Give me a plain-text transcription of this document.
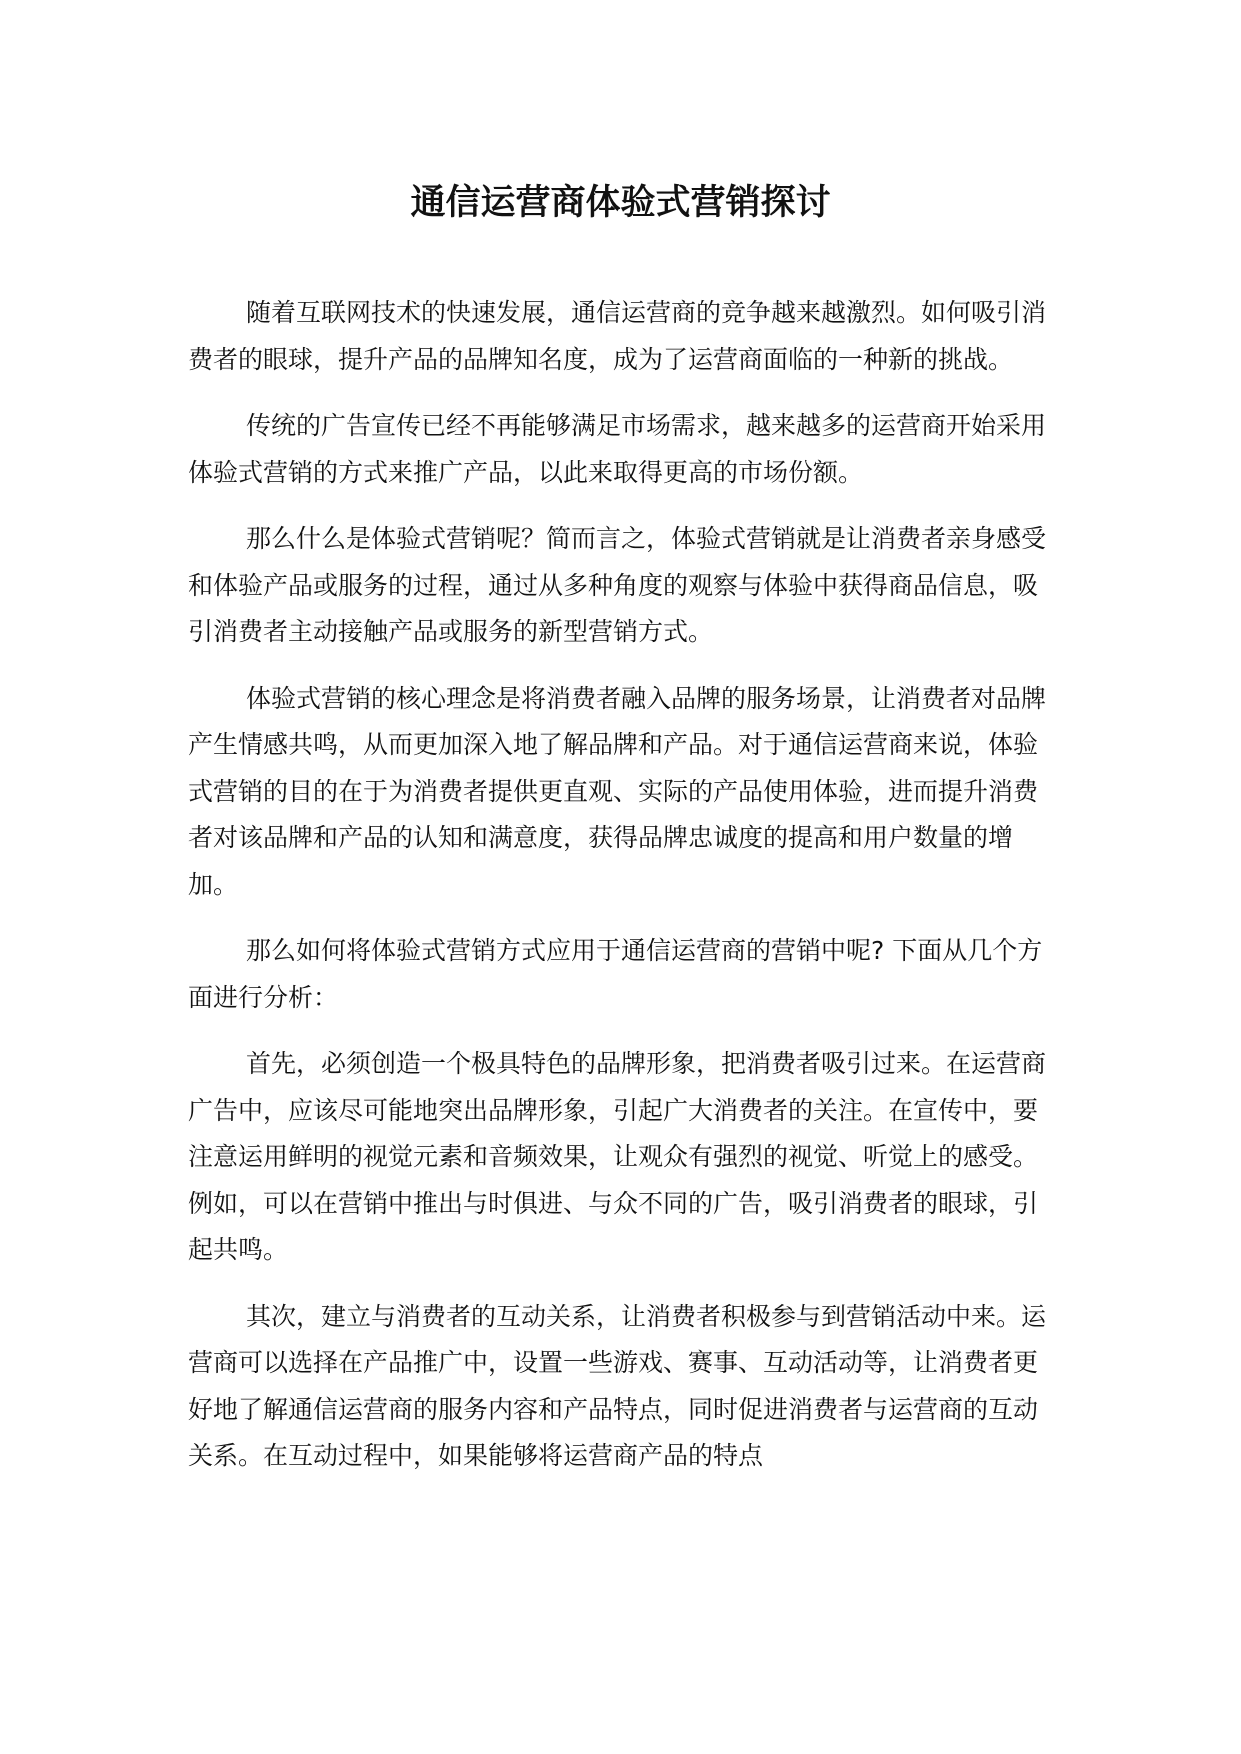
通信运营商体验式营销探讨

随着互联网技术的快速发展，通信运营商的竞争越来越激烈。如何吸引消费者的眼球，提升产品的品牌知名度，成为了运营商面临的一种新的挑战。

传统的广告宣传已经不再能够满足市场需求，越来越多的运营商开始采用体验式营销的方式来推广产品，以此来取得更高的市场份额。

那么什么是体验式营销呢？简而言之，体验式营销就是让消费者亲身感受和体验产品或服务的过程，通过从多种角度的观察与体验中获得商品信息，吸引消费者主动接触产品或服务的新型营销方式。

体验式营销的核心理念是将消费者融入品牌的服务场景，让消费者对品牌产生情感共鸣，从而更加深入地了解品牌和产品。对于通信运营商来说，体验式营销的目的在于为消费者提供更直观、实际的产品使用体验，进而提升消费者对该品牌和产品的认知和满意度，获得品牌忠诚度的提高和用户数量的增加。

那么如何将体验式营销方式应用于通信运营商的营销中呢? 下面从几个方面进行分析：

首先，必须创造一个极具特色的品牌形象，把消费者吸引过来。在运营商广告中，应该尽可能地突出品牌形象，引起广大消费者的关注。在宣传中，要注意运用鲜明的视觉元素和音频效果，让观众有强烈的视觉、听觉上的感受。例如，可以在营销中推出与时俱进、与众不同的广告，吸引消费者的眼球，引起共鸣。

其次，建立与消费者的互动关系，让消费者积极参与到营销活动中来。运营商可以选择在产品推广中，设置一些游戏、赛事、互动活动等，让消费者更好地了解通信运营商的服务内容和产品特点，同时促进消费者与运营商的互动关系。在互动过程中，如果能够将运营商产品的特点
